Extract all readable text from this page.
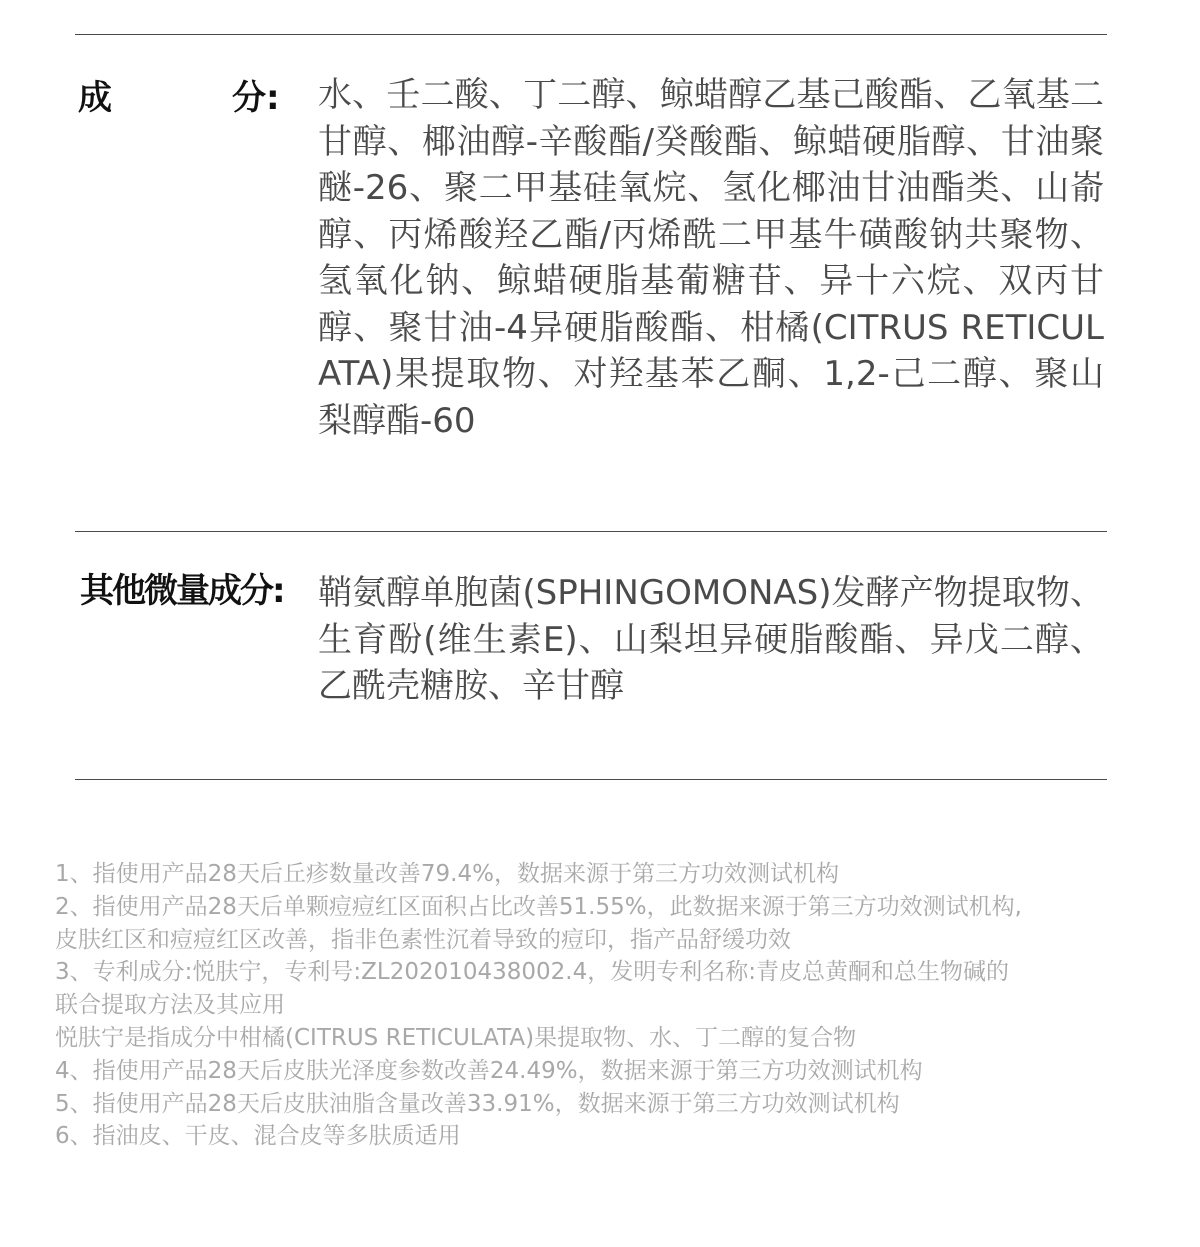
成	分: 水、壬二酸、丁二醇、鲸蜡醇乙基己酸酯、乙氧基二甘醇、椰油醇-辛酸酯/癸酸酯、鲸蜡硬脂醇、甘油聚醚-26、聚二甲基硅氧烷、氢化椰油甘油酯类、山嵛醇、丙烯酸羟乙酯/丙烯酰二甲基牛磺酸钠共聚物、氢氧化钠、鲸蜡硬脂基葡糖苷、异十六烷、双丙甘醇、聚甘油-4异硬脂酸酯、柑橘(CITRUS RETICULATA)果提取物、对羟基苯乙酮、1,2-己二醇、聚山梨醇酯-60
其他微量成分: 鞘氨醇单胞菌(SPHINGOMONAS)发酵产物提取物、生育酚(维生素E)、山梨坦异硬脂酸酯、异戊二醇、乙酰壳糖胺、辛甘醇
1、指使用产品28天后丘疹数量改善79.4%，数据来源于第三方功效测试机构
2、指使用产品28天后单颗痘痘红区面积占比改善51.55%，此数据来源于第三方功效测试机构,
皮肤红区和痘痘红区改善，指非色素性沉着导致的痘印，指产品舒缓功效
3、专利成分:悦肤宁，专利号:ZL202010438002.4，发明专利名称:青皮总黄酮和总生物碱的
联合提取方法及其应用
悦肤宁是指成分中柑橘(CITRUS RETICULATA)果提取物、水、丁二醇的复合物
4、指使用产品28天后皮肤光泽度参数改善24.49%，数据来源于第三方功效测试机构
5、指使用产品28天后皮肤油脂含量改善33.91%，数据来源于第三方功效测试机构
6、指油皮、干皮、混合皮等多肤质适用
